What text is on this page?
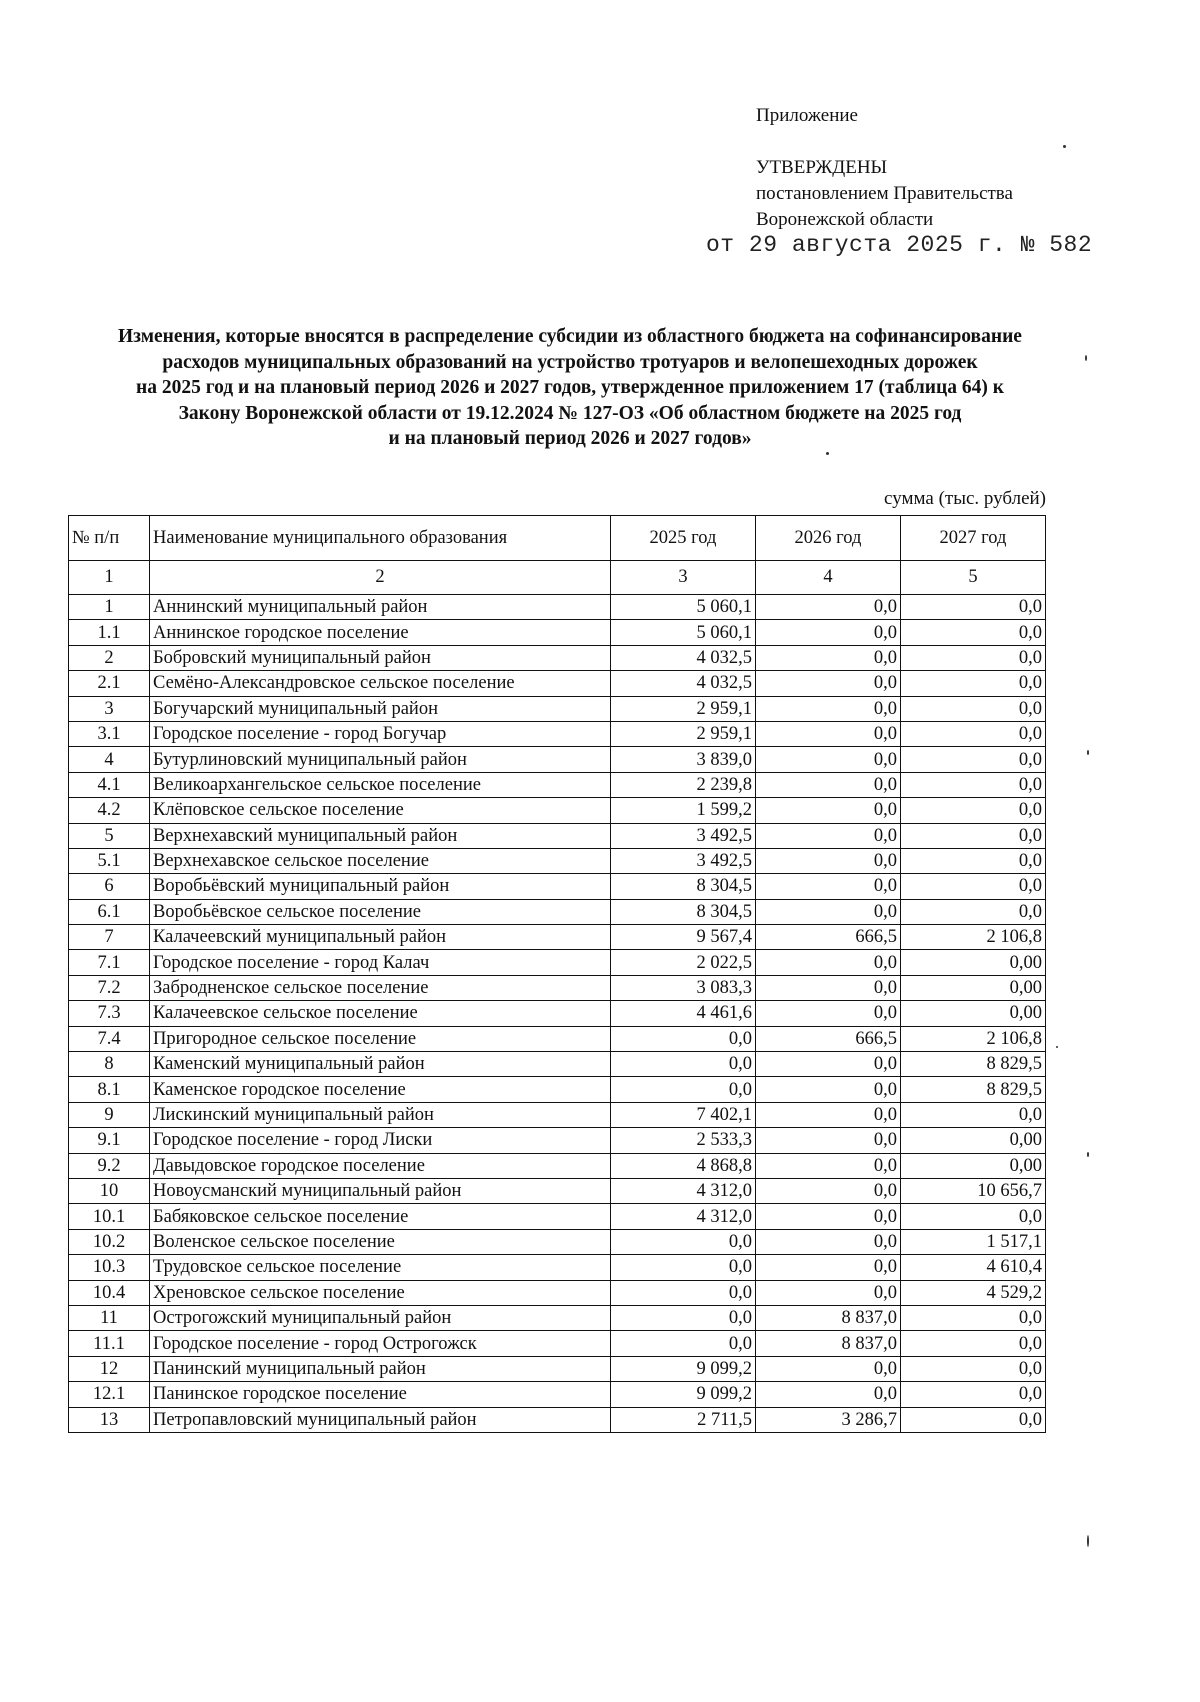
Приложение
УТВЕРЖДЕНЫ
постановлением Правительства
Воронежской области
от 29 августа 2025 г. № 582
Изменения, которые вносятся в распределение субсидии из областного бюджета на софинансирование
расходов муниципальных образований на устройство тротуаров и велопешеходных дорожек
на 2025 год и на плановый период 2026 и 2027 годов, утвержденное приложением 17 (таблица 64) к
Закону Воронежской области от 19.12.2024 № 127-ОЗ «Об областном бюджете на 2025 год
и на плановый период 2026 и 2027 годов»
сумма (тыс. рублей)
№ п/п	Наименование муниципального образования	2025 год	2026 год	2027 год
1	2	3	4	5
1	Аннинский муниципальный район	5 060,1	0,0	0,0
1.1	Аннинское городское поселение	5 060,1	0,0	0,0
2	Бобровский муниципальный район	4 032,5	0,0	0,0
2.1	Семёно-Александровское сельское поселение	4 032,5	0,0	0,0
3	Богучарский муниципальный район	2 959,1	0,0	0,0
3.1	Городское поселение - город Богучар	2 959,1	0,0	0,0
4	Бутурлиновский муниципальный район	3 839,0	0,0	0,0
4.1	Великоархангельское сельское поселение	2 239,8	0,0	0,0
4.2	Клёповское сельское поселение	1 599,2	0,0	0,0
5	Верхнехавский муниципальный район	3 492,5	0,0	0,0
5.1	Верхнехавское сельское поселение	3 492,5	0,0	0,0
6	Воробьёвский муниципальный район	8 304,5	0,0	0,0
6.1	Воробьёвское сельское поселение	8 304,5	0,0	0,0
7	Калачеевский муниципальный район	9 567,4	666,5	2 106,8
7.1	Городское поселение - город Калач	2 022,5	0,0	0,00
7.2	Забродненское сельское поселение	3 083,3	0,0	0,00
7.3	Калачеевское сельское поселение	4 461,6	0,0	0,00
7.4	Пригородное сельское поселение	0,0	666,5	2 106,8
8	Каменский муниципальный район	0,0	0,0	8 829,5
8.1	Каменское городское поселение	0,0	0,0	8 829,5
9	Лискинский муниципальный район	7 402,1	0,0	0,0
9.1	Городское поселение - город Лиски	2 533,3	0,0	0,00
9.2	Давыдовское городское поселение	4 868,8	0,0	0,00
10	Новоусманский муниципальный район	4 312,0	0,0	10 656,7
10.1	Бабяковское сельское поселение	4 312,0	0,0	0,0
10.2	Воленское сельское поселение	0,0	0,0	1 517,1
10.3	Трудовское сельское поселение	0,0	0,0	4 610,4
10.4	Хреновское сельское поселение	0,0	0,0	4 529,2
11	Острогожский муниципальный район	0,0	8 837,0	0,0
11.1	Городское поселение - город Острогожск	0,0	8 837,0	0,0
12	Панинский муниципальный район	9 099,2	0,0	0,0
12.1	Панинское городское поселение	9 099,2	0,0	0,0
13	Петропавловский муниципальный район	2 711,5	3 286,7	0,0
